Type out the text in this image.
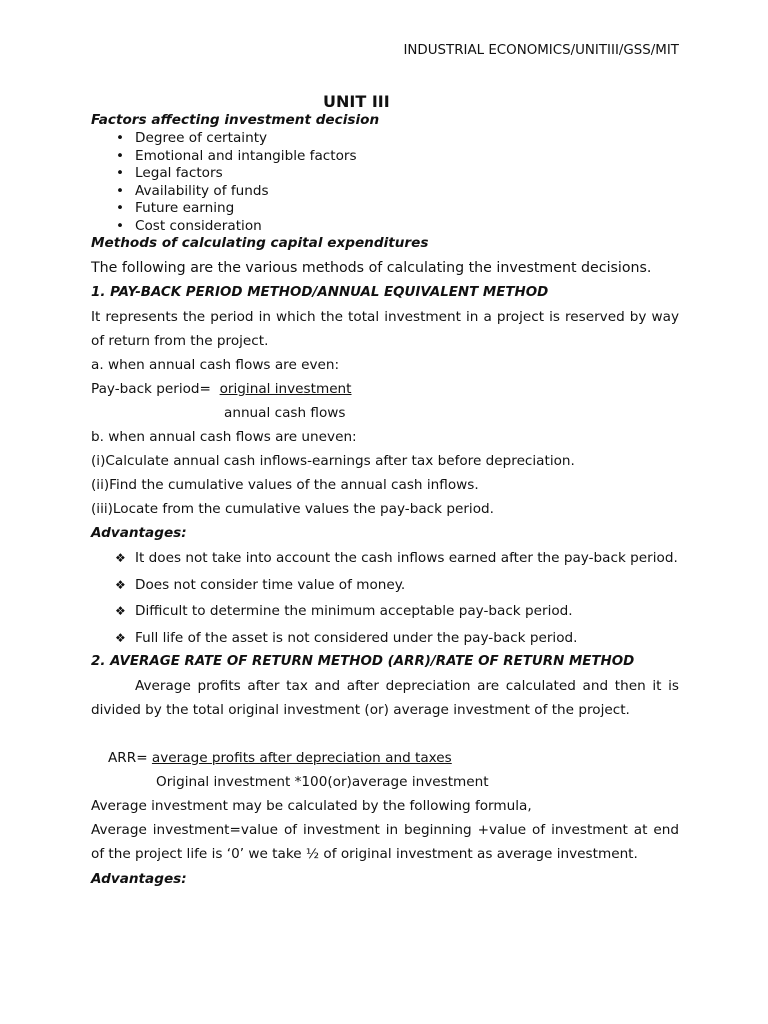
INDUSTRIAL ECONOMICS/UNITIII/GSS/MIT
UNIT III
Factors affecting investment decision
• Degree of certainty
• Emotional and intangible factors
• Legal factors
• Availability of funds
• Future earning
• Cost consideration
Methods of calculating capital expenditures
The following are the various methods of calculating the investment decisions.
1. PAY-BACK PERIOD METHOD/ANNUAL EQUIVALENT METHOD
It represents the period in which the total investment in a project is reserved by way
of return from the project.
a. when annual cash flows are even:
Pay-back period= original investment
annual cash flows
b. when annual cash flows are uneven:
(i)Calculate annual cash inflows-earnings after tax before depreciation.
(ii)Find the cumulative values of the annual cash inflows.
(iii)Locate from the cumulative values the pay-back period.
Advantages:
❖ It does not take into account the cash inflows earned after the pay-back period.
❖ Does not consider time value of money.
❖ Difficult to determine the minimum acceptable pay-back period.
❖ Full life of the asset is not considered under the pay-back period.
2. AVERAGE RATE OF RETURN METHOD (ARR)/RATE OF RETURN METHOD
Average profits after tax and after depreciation are calculated and then it is
divided by the total original investment (or) average investment of the project.
ARR= average profits after depreciation and taxes
Original investment *100(or)average investment
Average investment may be calculated by the following formula,
Average investment=value of investment in beginning +value of investment at end
of the project life is ‘0’ we take ½ of original investment as average investment.
Advantages:
